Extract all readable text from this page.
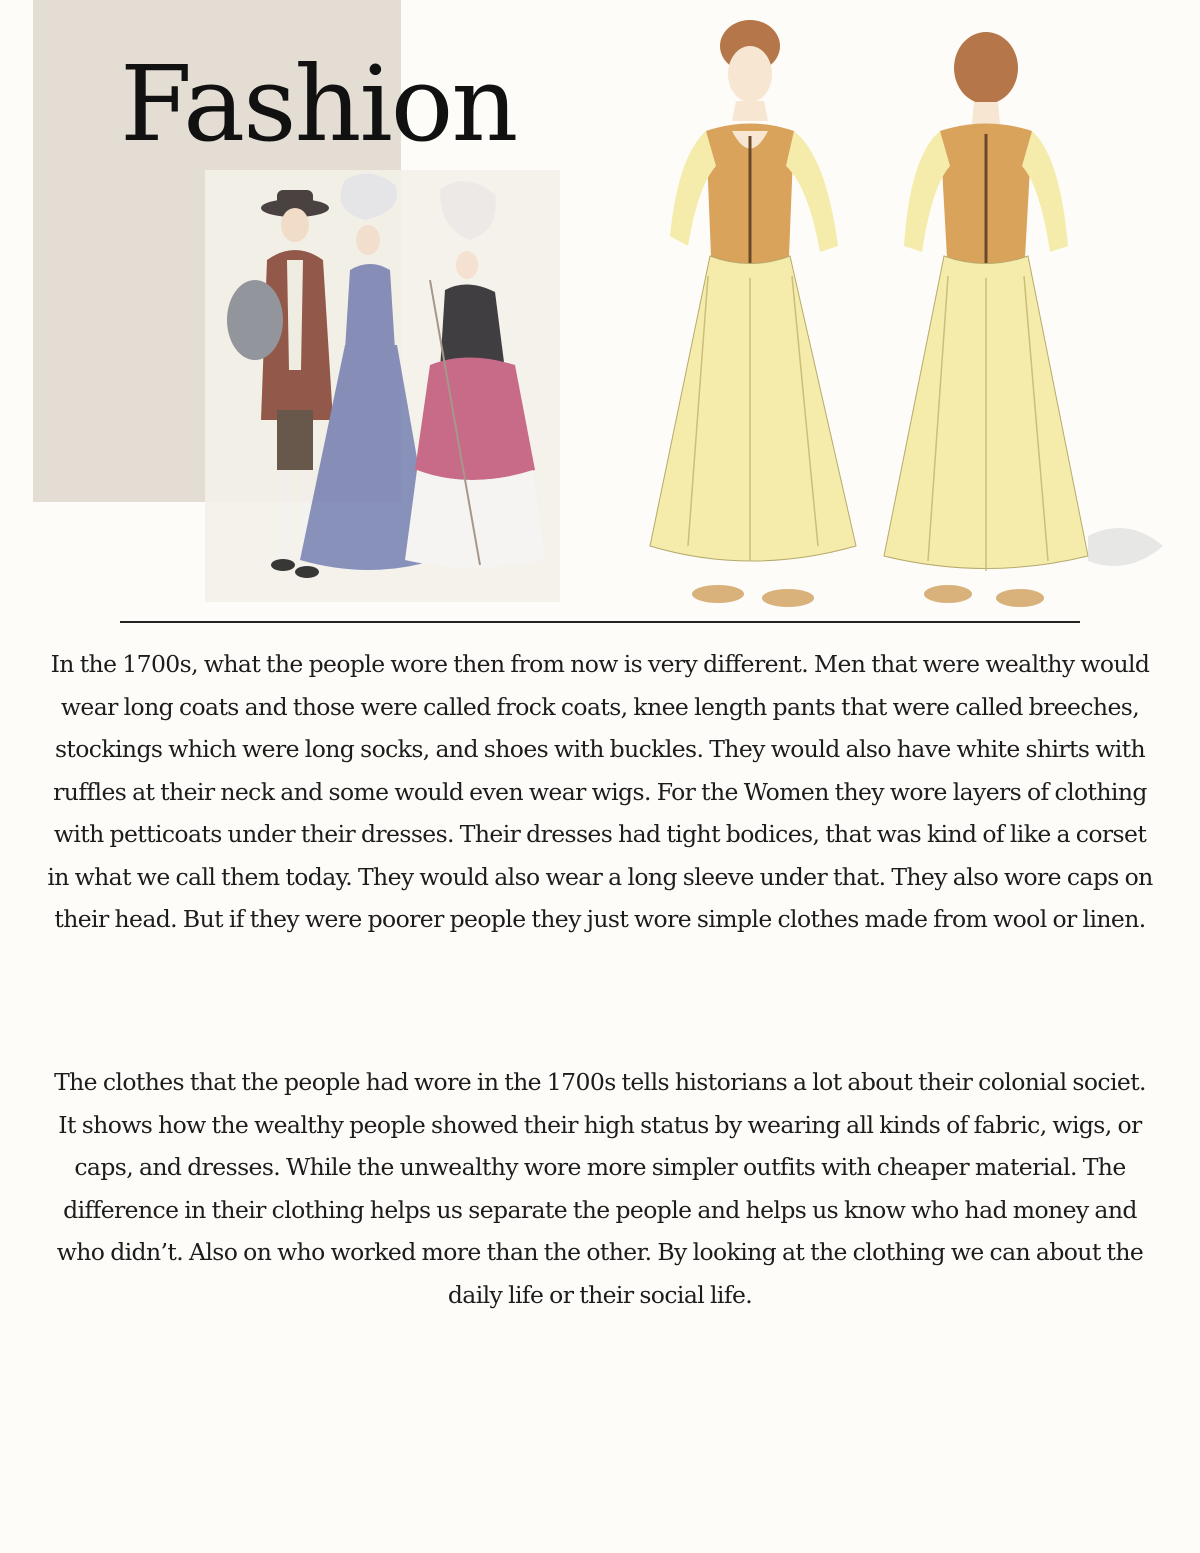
Fashion

In the 1700s, what the people wore then from now is very different. Men that were wealthy would wear long coats and those were called frock coats, knee length pants that were called breeches, stockings which were long socks, and shoes with buckles. They would also have white shirts with ruffles at their neck and some would even wear wigs. For the Women they wore layers of clothing with petticoats under their dresses. Their dresses had tight bodices, that was kind of like a corset in what we call them today. They would also wear a long sleeve under that. They also wore caps on their head. But if they were poorer people they just wore simple clothes made from wool or linen.

The clothes that the people had wore in the 1700s tells historians a lot about their colonial societ. It shows how the wealthy people showed their high status by wearing all kinds of fabric, wigs, or caps, and dresses. While the unwealthy wore more simpler outfits with cheaper material. The difference in their clothing helps us separate the people and helps us know who had money and who didn’t. Also on who worked more than the other. By looking at the clothing we can about the daily life or their social life.
